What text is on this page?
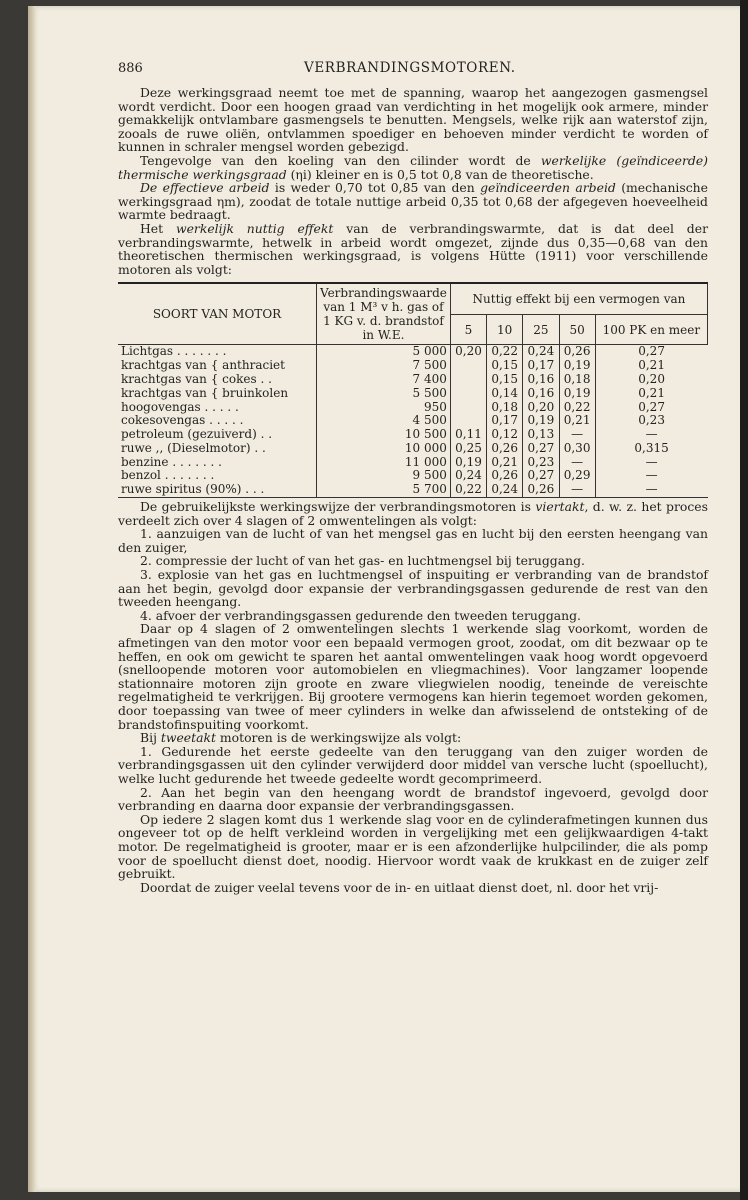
886	VERBRANDINGSMOTOREN.

Deze werkingsgraad neemt toe met de spanning, waarop het aangezogen gasmengsel wordt verdicht. Door een hoogen graad van verdichting in het mogelijk ook armere, minder gemakkelijk ontvlambare gasmengsels te benutten. Mengsels, welke rijk aan waterstof zijn, zooals de ruwe oliën, ontvlammen spoediger en behoeven minder verdicht te worden of kunnen in schraler mengsel worden gebezigd.

Tengevolge van den koeling van den cilinder wordt de werkelijke (geïndiceerde) thermische werkingsgraad (ηi) kleiner en is 0,5 tot 0,8 van de theoretische.

De effectieve arbeid is weder 0,70 tot 0,85 van den geïndiceerden arbeid (mechanische werkingsgraad ηm), zoodat de totale nuttige arbeid 0,35 tot 0,68 der afgegeven hoeveelheid warmte bedraagt.

Het werkelijk nuttig effekt van de verbrandingswarmte, dat is dat deel der verbrandingswarmte, hetwelk in arbeid wordt omgezet, zijnde dus 0,35—0,68 van den theoretischen thermischen werkingsgraad, is volgens Hütte (1911) voor verschillende motoren als volgt:

SOORT VAN MOTOR	Verbrandingswaarde van 1 M³ v h. gas of 1 KG v. d. brandstof in W.E.	Nuttig effekt bij een vermogen van				
		5	10	25	50	100 PK en meer
Lichtgas . . . . . . .	5 000	0,20	0,22	0,24	0,26	0,27
krachtgas van { anthraciet	7 500		0,15	0,17	0,19	0,21
krachtgas van { cokes . .	7 400		0,15	0,16	0,18	0,20
krachtgas van { bruinkolen	5 500		0,14	0,16	0,19	0,21
hoogovengas . . . . .	950		0,18	0,20	0,22	0,27
cokesovengas . . . . .	4 500		0,17	0,19	0,21	0,23
petroleum (gezuiverd) . .	10 500	0,11	0,12	0,13	—	—
ruwe ,, (Dieselmotor) . .	10 000	0,25	0,26	0,27	0,30	0,315
benzine . . . . . . .	11 000	0,19	0,21	0,23	—	—
benzol . . . . . . .	9 500	0,24	0,26	0,27	0,29	—
ruwe spiritus (90%) . . .	5 700	0,22	0,24	0,26	—	—

De gebruikelijkste werkingswijze der verbrandingsmotoren is viertakt, d. w. z. het proces verdeelt zich over 4 slagen of 2 omwentelingen als volgt:

1. aanzuigen van de lucht of van het mengsel gas en lucht bij den eersten heengang van den zuiger,

2. compressie der lucht of van het gas- en luchtmengsel bij teruggang.

3. explosie van het gas en luchtmengsel of inspuiting er verbranding van de brandstof aan het begin, gevolgd door expansie der verbrandingsgassen gedurende de rest van den tweeden heengang.

4. afvoer der verbrandingsgassen gedurende den tweeden teruggang.

Daar op 4 slagen of 2 omwentelingen slechts 1 werkende slag voorkomt, worden de afmetingen van den motor voor een bepaald vermogen groot, zoodat, om dit bezwaar op te heffen, en ook om gewicht te sparen het aantal omwentelingen vaak hoog wordt opgevoerd (snelloopende motoren voor automobielen en vliegmachines). Voor langzamer loopende stationnaire motoren zijn groote en zware vliegwielen noodig, teneinde de vereischte regelmatigheid te verkrijgen. Bij grootere vermogens kan hierin tegemoet worden gekomen, door toepassing van twee of meer cylinders in welke dan afwisselend de ontsteking of de brandstofinspuiting voorkomt.

Bij tweetakt motoren is de werkingswijze als volgt:

1. Gedurende het eerste gedeelte van den teruggang van den zuiger worden de verbrandingsgassen uit den cylinder verwijderd door middel van versche lucht (spoellucht), welke lucht gedurende het tweede gedeelte wordt gecomprimeerd.

2. Aan het begin van den heengang wordt de brandstof ingevoerd, gevolgd door verbranding en daarna door expansie der verbrandingsgassen.

Op iedere 2 slagen komt dus 1 werkende slag voor en de cylinderafmetingen kunnen dus ongeveer tot op de helft verkleind worden in vergelijking met een gelijkwaardigen 4-takt motor. De regelmatigheid is grooter, maar er is een afzonderlijke hulpcilinder, die als pomp voor de spoellucht dienst doet, noodig. Hiervoor wordt vaak de krukkast en de zuiger zelf gebruikt.

Doordat de zuiger veelal tevens voor de in- en uitlaat dienst doet, nl. door het vrij-
